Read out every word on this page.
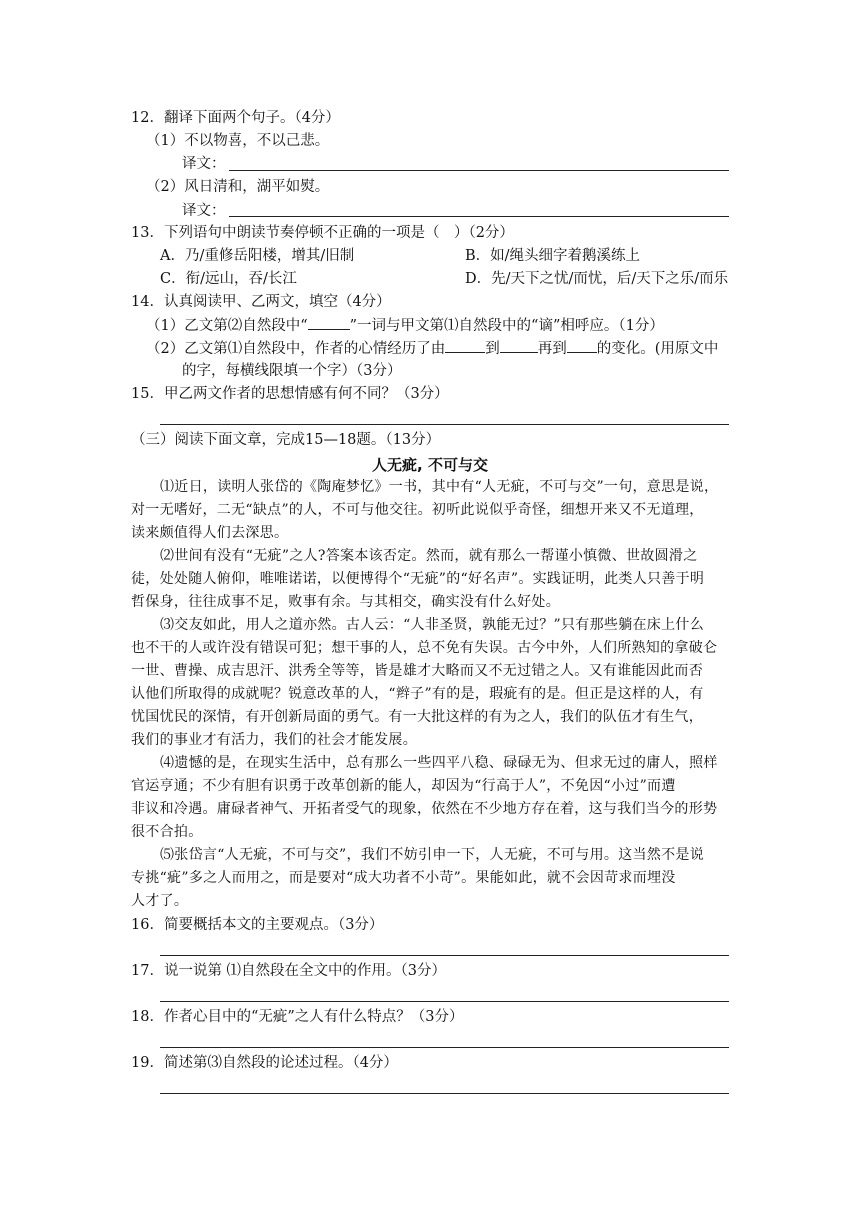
12．翻译下面两个句子。（4分）
（1）不以物喜，不以己悲。
译文：
（2）风日清和，湖平如熨。
译文：
13．下列语句中朗读节奏停顿不正确的一项是（　）（2分）
A．乃/重修岳阳楼，增其/旧制	B．如/绳头细字着鹅溪练上
C．衔/远山，吞/长江	D．先/天下之忧/而忧，后/天下之乐/而乐
14．认真阅读甲、乙两文，填空（4分）
（1）乙文第⑵自然段中“	”一词与甲文第⑴自然段中的“谪”相呼应。（1分）
（2）乙文第⑴自然段中，作者的心情经历了由	到	再到 的变化。(用原文中
的字，每横线限填一个字）（3分）
15．甲乙两文作者的思想情感有何不同？（3分）
（三）阅读下面文章，完成15—18题。（13分）
人无疵, 不可与交
⑴近日，读明人张岱的《陶庵梦忆》一书，其中有“人无疵，不可与交”一句，意思是说，
对一无嗜好，二无“缺点”的人，不可与他交往。初听此说似乎奇怪，细想开来又不无道理，
读来颇值得人们去深思。
⑵世间有没有“无疵”之人?答案本该否定。然而，就有那么一帮谨小慎微、世故圆滑之
徒，处处随人俯仰，唯唯诺诺，以便博得个“无疵”的“好名声”。实践证明，此类人只善于明
哲保身，往往成事不足，败事有余。与其相交，确实没有什么好处。
⑶交友如此，用人之道亦然。古人云：“人非圣贤，孰能无过？”只有那些躺在床上什么
也不干的人或许没有错误可犯；想干事的人，总不免有失误。古今中外，人们所熟知的拿破仑
一世、曹操、成吉思汗、洪秀全等等，皆是雄才大略而又不无过错之人。又有谁能因此而否
认他们所取得的成就呢？锐意改革的人，“辫子”有的是，瑕疵有的是。但正是这样的人，有
忧国忧民的深情，有开创新局面的勇气。有一大批这样的有为之人，我们的队伍才有生气，
我们的事业才有活力，我们的社会才能发展。
⑷遗憾的是，在现实生活中，总有那么一些四平八稳、碌碌无为、但求无过的庸人，照样
官运亨通；不少有胆有识勇于改革创新的能人，却因为“行高于人”，不免因“小过”而遭
非议和冷遇。庸碌者神气、开拓者受气的现象，依然在不少地方存在着，这与我们当今的形势
很不合拍。
⑸张岱言“人无疵，不可与交”，我们不妨引申一下，人无疵，不可与用。这当然不是说
专挑“疵”多之人而用之，而是要对“成大功者不小苛”。果能如此，就不会因苛求而埋没
人才了。
16．简要概括本文的主要观点。（3分）
17．说一说第 ⑴自然段在全文中的作用。（3分）
18．作者心目中的“无疵”之人有什么特点？（3分）
19．简述第⑶自然段的论述过程。（4分）
